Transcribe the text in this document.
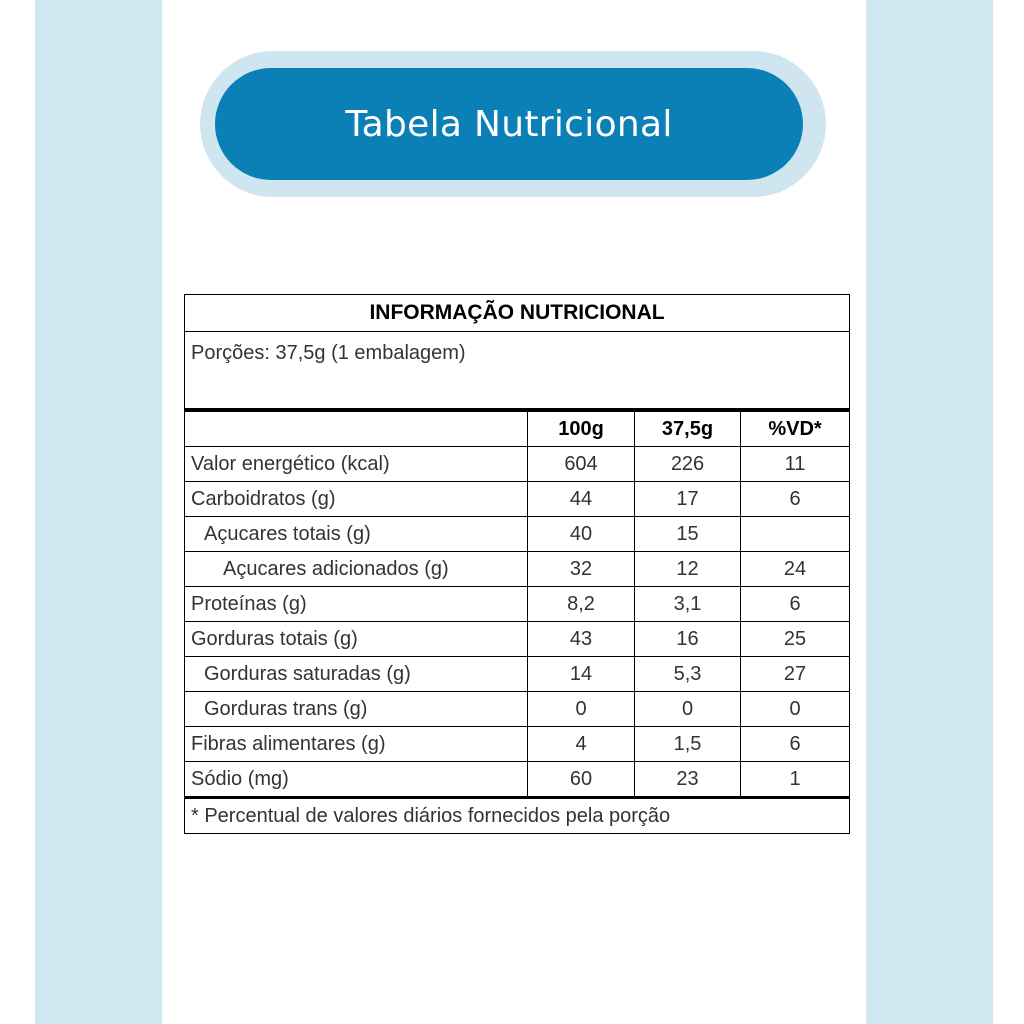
Tabela Nutricional
INFORMAÇÃO NUTRICIONAL			
Porções: 37,5g (1 embalagem)			
	100g	37,5g	%VD*
Valor energético (kcal)	604	226	11
Carboidratos (g)	44	17	6
Açucares totais (g)	40	15	
Açucares adicionados (g)	32	12	24
Proteínas (g)	8,2	3,1	6
Gorduras totais (g)	43	16	25
Gorduras saturadas (g)	14	5,3	27
Gorduras trans (g)	0	0	0
Fibras alimentares (g)	4	1,5	6
Sódio (mg)	60	23	1
* Percentual de valores diários fornecidos pela porção			
